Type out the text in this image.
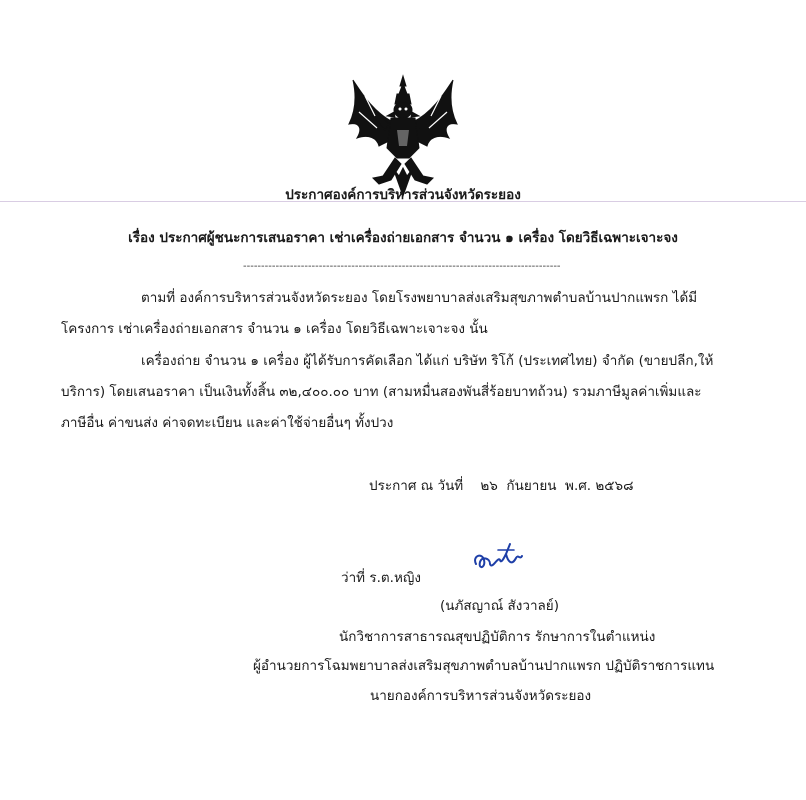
ประกาศองค์การบริหารส่วนจังหวัดระยอง
เรื่อง ประกาศผู้ชนะการเสนอราคา เช่าเครื่องถ่ายเอกสาร จำนวน ๑ เครื่อง โดยวิธีเฉพาะเจาะจง
----------------------------------------------------------------------------------------
ตามที่ องค์การบริหารส่วนจังหวัดระยอง โดยโรงพยาบาลส่งเสริมสุขภาพตำบลบ้านปากแพรก ได้มี
โครงการ เช่าเครื่องถ่ายเอกสาร จำนวน ๑ เครื่อง โดยวิธีเฉพาะเจาะจง นั้น
เครื่องถ่าย จำนวน ๑ เครื่อง ผู้ได้รับการคัดเลือก ได้แก่ บริษัท ริโก้ (ประเทศไทย) จำกัด (ขายปลีก,ให้
บริการ) โดยเสนอราคา เป็นเงินทั้งสิ้น ๓๒,๔๐๐.๐๐ บาท (สามหมื่นสองพันสี่ร้อยบาทถ้วน) รวมภาษีมูลค่าเพิ่มและ
ภาษีอื่น ค่าขนส่ง ค่าจดทะเบียน และค่าใช้จ่ายอื่นๆ ทั้งปวง
ประกาศ ณ วันที่    ๒๖  กันยายน  พ.ศ. ๒๕๖๘
ว่าที่ ร.ต.หญิง
(นภัสญาณ์ สังวาลย์)
นักวิชาการสาธารณสุขปฏิบัติการ รักษาการในตำแหน่ง
ผู้อำนวยการโฉมพยาบาลส่งเสริมสุขภาพตำบลบ้านปากแพรก ปฏิบัติราชการแทน
นายกองค์การบริหารส่วนจังหวัดระยอง
